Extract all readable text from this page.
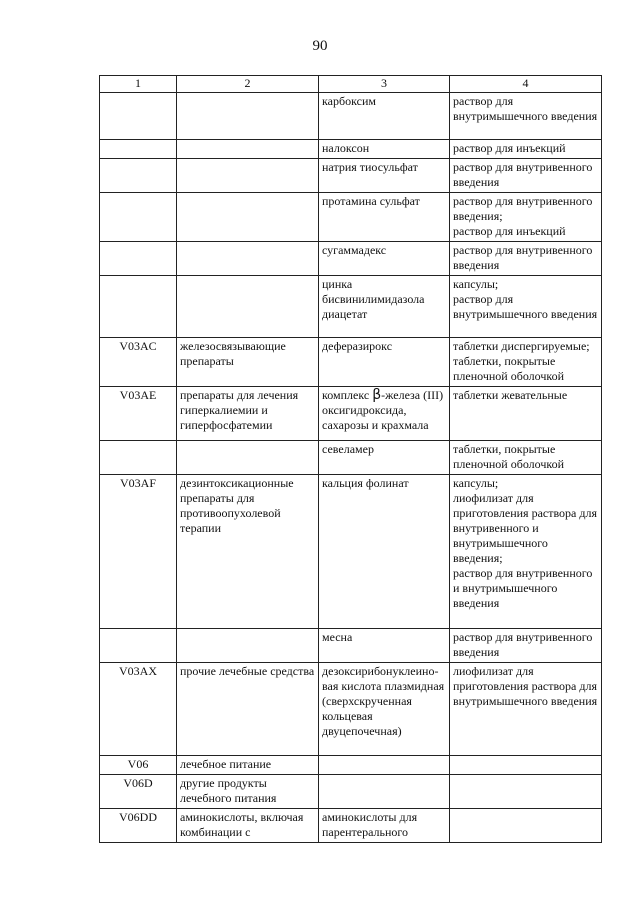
90
1	2	3	4
		карбоксим	раствор для внутримышечного введения
		налоксон	раствор для инъекций
		натрия тиосульфат	раствор для внутривенного введения
		протамина сульфат	раствор для внутривенного введения;
раствор для инъекций
		сугаммадекс	раствор для внутривенного введения
		цинка бисвинилимидазола диацетат	капсулы;
раствор для внутримышечного введения
V03AC	железосвязывающие препараты	деферазирокс	таблетки диспергируемые;
таблетки, покрытые пленочной оболочкой
V03AE	препараты для лечения гиперкалиемии и гиперфосфатемии	комплекс β-железа (III) оксигидроксида, сахарозы и крахмала	таблетки жевательные
		севеламер	таблетки, покрытые пленочной оболочкой
V03AF	дезинтоксикационные препараты для противоопухолевой терапии	кальция фолинат	капсулы;
лиофилизат для приготовления раствора для внутривенного и внутримышечного введения;
раствор для внутривенного и внутримышечного введения
		месна	раствор для внутривенного введения
V03AX	прочие лечебные средства	дезоксирибонуклеино-вая кислота плазмидная (сверхскрученная кольцевая двуцепочечная)	лиофилизат для приготовления раствора для внутримышечного введения
V06	лечебное питание		
V06D	другие продукты лечебного питания		
V06DD	аминокислоты, включая комбинации с	аминокислоты для парентерального	
